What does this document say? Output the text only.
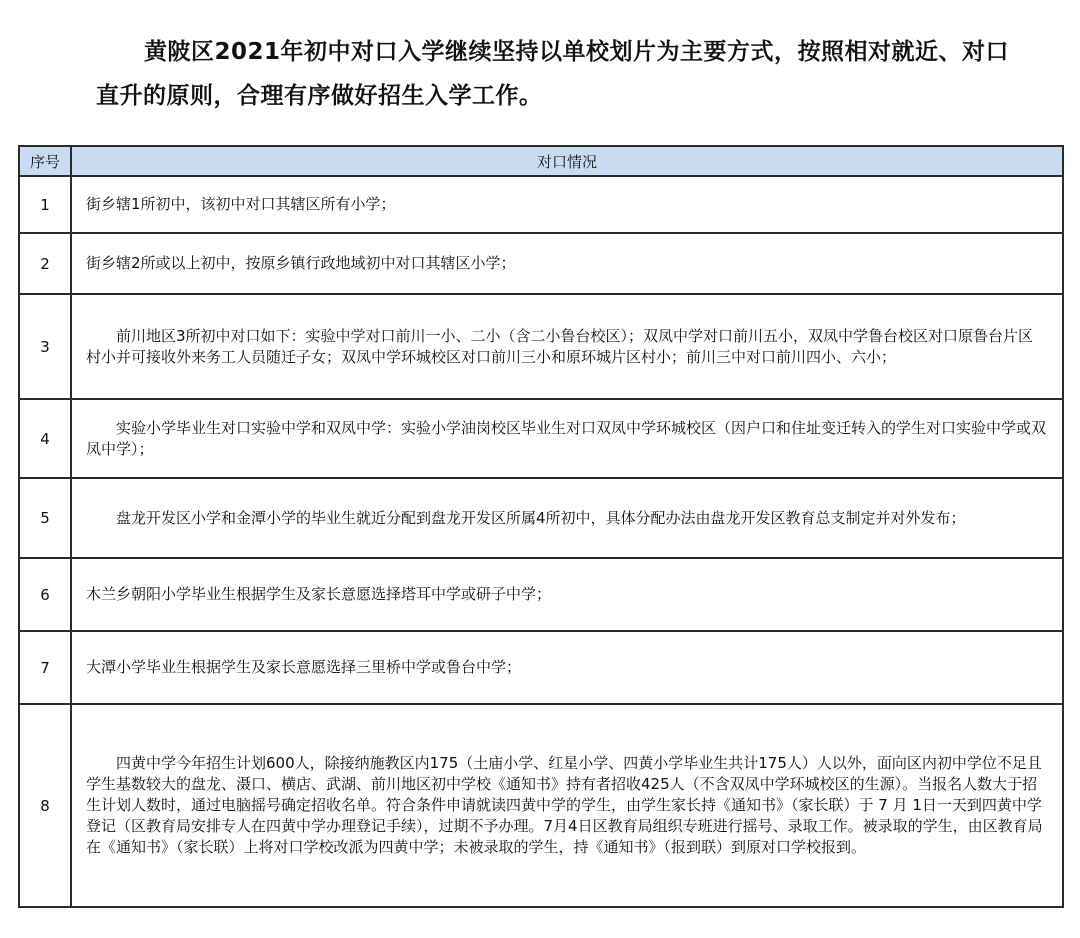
黄陂区2021年初中对口入学继续坚持以单校划片为主要方式，按照相对就近、对口直升的原则，合理有序做好招生入学工作。
序号	对口情况
1	街乡辖1所初中，该初中对口其辖区所有小学；
2	街乡辖2所或以上初中，按原乡镇行政地域初中对口其辖区小学；
3	前川地区3所初中对口如下：实验中学对口前川一小、二小（含二小鲁台校区）；双凤中学对口前川五小，双凤中学鲁台校区对口原鲁台片区村小并可接收外来务工人员随迁子女；双凤中学环城校区对口前川三小和原环城片区村小；前川三中对口前川四小、六小；

4	实验小学毕业生对口实验中学和双凤中学：实验小学油岗校区毕业生对口双凤中学环城校区（因户口和住址变迁转入的学生对口实验中学或双凤中学）；

5	盘龙开发区小学和金潭小学的毕业生就近分配到盘龙开发区所属4所初中，具体分配办法由盘龙开发区教育总支制定并对外发布；

6	木兰乡朝阳小学毕业生根据学生及家长意愿选择塔耳中学或研子中学；
7	大潭小学毕业生根据学生及家长意愿选择三里桥中学或鲁台中学；
8	四黄中学今年招生计划600人，除接纳施教区内175（土庙小学、红星小学、四黄小学毕业生共计175人）人以外，面向区内初中学位不足且学生基数较大的盘龙、滠口、横店、武湖、前川地区初中学校《通知书》持有者招收425人（不含双凤中学环城校区的生源）。当报名人数大于招生计划人数时，通过电脑摇号确定招收名单。符合条件申请就读四黄中学的学生，由学生家长持《通知书》（家长联）于 7 月 1日一天到四黄中学登记（区教育局安排专人在四黄中学办理登记手续），过期不予办理。7月4日区教育局组织专班进行摇号、录取工作。被录取的学生，由区教育局在《通知书》（家长联）上将对口学校改派为四黄中学；未被录取的学生，持《通知书》（报到联）到原对口学校报到。
